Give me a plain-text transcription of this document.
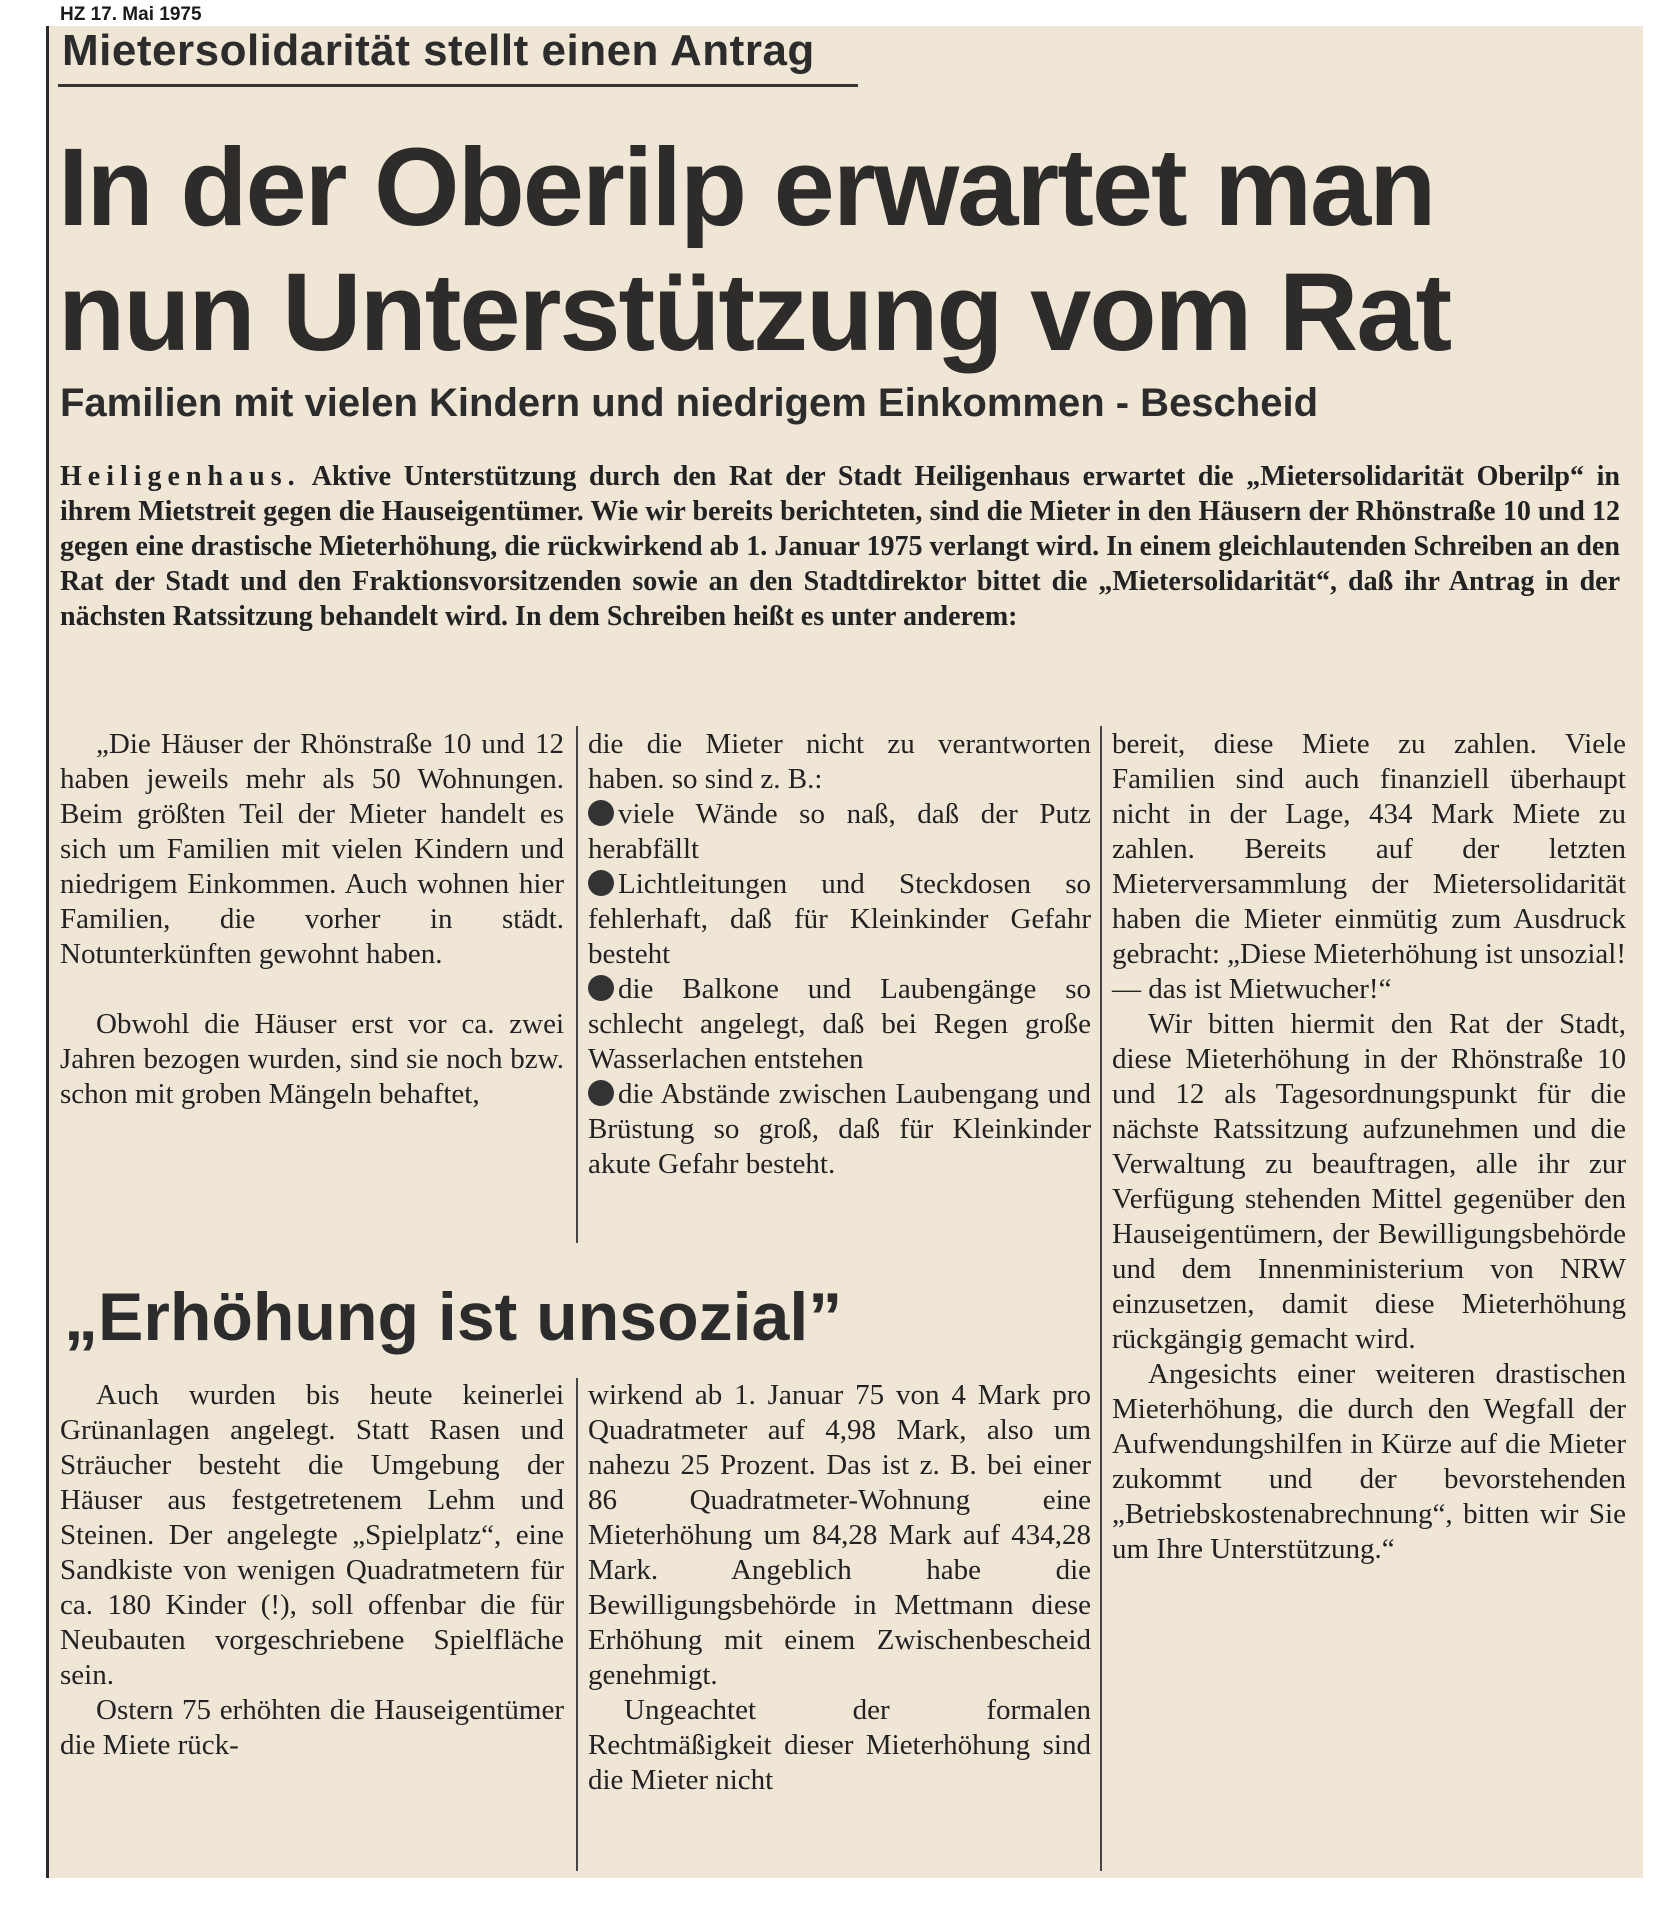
HZ 17. Mai 1975
Mietersolidarität stellt einen Antrag
In der Oberilp erwartet man
nun Unterstützung vom Rat
Familien mit vielen Kindern und niedrigem Einkommen - Bescheid
Heiligenhaus. Aktive Unterstützung durch den Rat der Stadt Heiligenhaus erwartet die „Mietersolidarität Oberilp“ in ihrem Mietstreit gegen die Hauseigentümer. Wie wir bereits berichteten, sind die Mieter in den Häusern der Rhönstraße 10 und 12 gegen eine drastische Mieterhöhung, die rückwirkend ab 1. Januar 1975 verlangt wird. In einem gleichlautenden Schreiben an den Rat der Stadt und den Fraktionsvorsitzenden sowie an den Stadtdirektor bittet die „Mietersolidarität“, daß ihr Antrag in der nächsten Ratssitzung behandelt wird. In dem Schreiben heißt es unter anderem:

„Die Häuser der Rhönstraße 10 und 12 haben jeweils mehr als 50 Wohnungen. Beim größten Teil der Mieter handelt es sich um Familien mit vielen Kindern und niedrigem Einkommen. Auch wohnen hier Familien, die vorher in städt. Notunterkünften gewohnt haben.

Obwohl die Häuser erst vor ca. zwei Jahren bezogen wurden, sind sie noch bzw. schon mit groben Mängeln behaftet,

die die Mieter nicht zu verantworten haben. so sind z. B.:

viele Wände so naß, daß der Putz herabfällt

Lichtleitungen und Steckdosen so fehlerhaft, daß für Kleinkinder Gefahr besteht

die Balkone und Laubengänge so schlecht angelegt, daß bei Regen große Wasserlachen entstehen

die Abstände zwischen Laubengang und Brüstung so groß, daß für Kleinkinder akute Gefahr besteht.

„Erhöhung ist unsozial”

Auch wurden bis heute keinerlei Grünanlagen angelegt. Statt Rasen und Sträucher besteht die Umgebung der Häuser aus festgetretenem Lehm und Steinen. Der angelegte „Spielplatz“, eine Sandkiste von wenigen Quadratmetern für ca. 180 Kinder (!), soll offenbar die für Neubauten vorgeschriebene Spielfläche sein.

Ostern 75 erhöhten die Hauseigentümer die Miete rück-

wirkend ab 1. Januar 75 von 4 Mark pro Quadratmeter auf 4,98 Mark, also um nahezu 25 Prozent. Das ist z. B. bei einer 86 Quadratmeter-Wohnung eine Mieterhöhung um 84,28 Mark auf 434,28 Mark. Angeblich habe die Bewilligungsbehörde in Mettmann diese Erhöhung mit einem Zwischenbescheid genehmigt.

Ungeachtet der formalen Rechtmäßigkeit dieser Mieterhöhung sind die Mieter nicht

bereit, diese Miete zu zahlen. Viele Familien sind auch finanziell überhaupt nicht in der Lage, 434 Mark Miete zu zahlen. Bereits auf der letzten Mieterversammlung der Mietersolidarität haben die Mieter einmütig zum Ausdruck gebracht: „Diese Mieterhöhung ist unsozial! — das ist Mietwucher!“

Wir bitten hiermit den Rat der Stadt, diese Mieterhöhung in der Rhönstraße 10 und 12 als Tagesordnungspunkt für die nächste Ratssitzung aufzunehmen und die Verwaltung zu beauftragen, alle ihr zur Verfügung stehenden Mittel gegenüber den Hauseigentümern, der Bewilligungsbehörde und dem Innenministerium von NRW einzusetzen, damit diese Mieterhöhung rückgängig gemacht wird.

Angesichts einer weiteren drastischen Mieterhöhung, die durch den Wegfall der Aufwendungshilfen in Kürze auf die Mieter zukommt und der bevorstehenden „Betriebskostenabrechnung“, bitten wir Sie um Ihre Unterstützung.“
